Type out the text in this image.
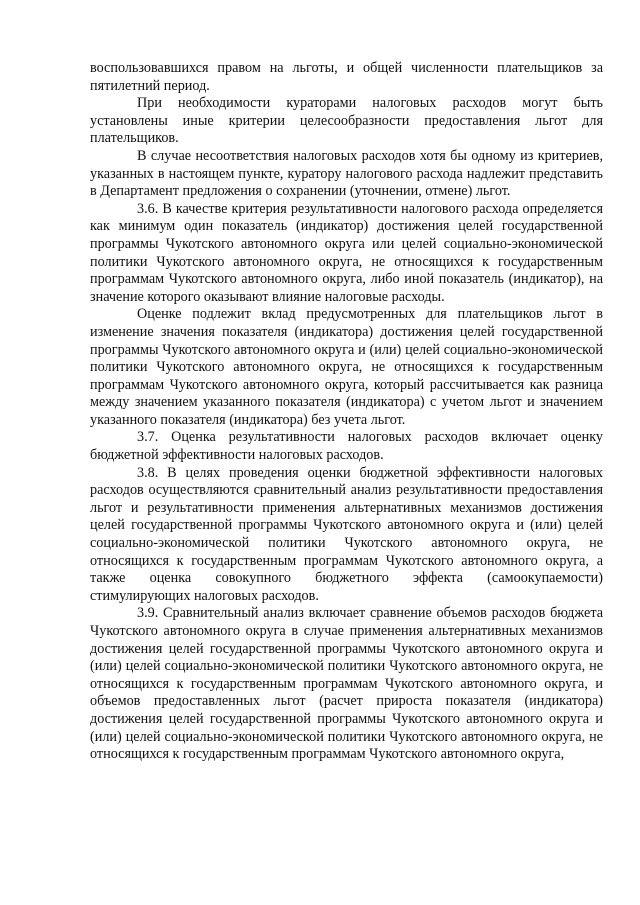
воспользовавшихся правом на льготы, и общей численности плательщиков за пятилетний период.

При необходимости кураторами налоговых расходов могут быть установлены иные критерии целесообразности предоставления льгот для плательщиков.

В случае несоответствия налоговых расходов хотя бы одному из критериев, указанных в настоящем пункте, куратору налогового расхода надлежит представить в Департамент предложения о сохранении (уточнении, отмене) льгот.

3.6. В качестве критерия результативности налогового расхода определяется как минимум один показатель (индикатор) достижения целей государственной программы Чукотского автономного округа или целей социально-экономической политики Чукотского автономного округа, не относящихся к государственным программам Чукотского автономного округа, либо иной показатель (индикатор), на значение которого оказывают влияние налоговые расходы.

Оценке подлежит вклад предусмотренных для плательщиков льгот в изменение значения показателя (индикатора) достижения целей государственной программы Чукотского автономного округа и (или) целей социально-экономической политики Чукотского автономного округа, не относящихся к государственным программам Чукотского автономного округа, который рассчитывается как разница между значением указанного показателя (индикатора) с учетом льгот и значением указанного показателя (индикатора) без учета льгот.

3.7. Оценка результативности налоговых расходов включает оценку бюджетной эффективности налоговых расходов.

3.8. В целях проведения оценки бюджетной эффективности налоговых расходов осуществляются сравнительный анализ результативности предоставления льгот и результативности применения альтернативных механизмов достижения целей государственной программы Чукотского автономного округа и (или) целей социально-экономической политики Чукотского автономного округа, не относящихся к государственным программам Чукотского автономного округа, а также оценка совокупного бюджетного эффекта (самоокупаемости) стимулирующих налоговых расходов.

3.9. Сравнительный анализ включает сравнение объемов расходов бюджета Чукотского автономного округа в случае применения альтернативных механизмов достижения целей государственной программы Чукотского автономного округа и (или) целей социально-экономической политики Чукотского автономного округа, не относящихся к государственным программам Чукотского автономного округа, и объемов предоставленных льгот (расчет прироста показателя (индикатора) достижения целей государственной программы Чукотского автономного округа и (или) целей социально-экономической политики Чукотского автономного округа, не относящихся к государственным программам Чукотского автономного округа,
